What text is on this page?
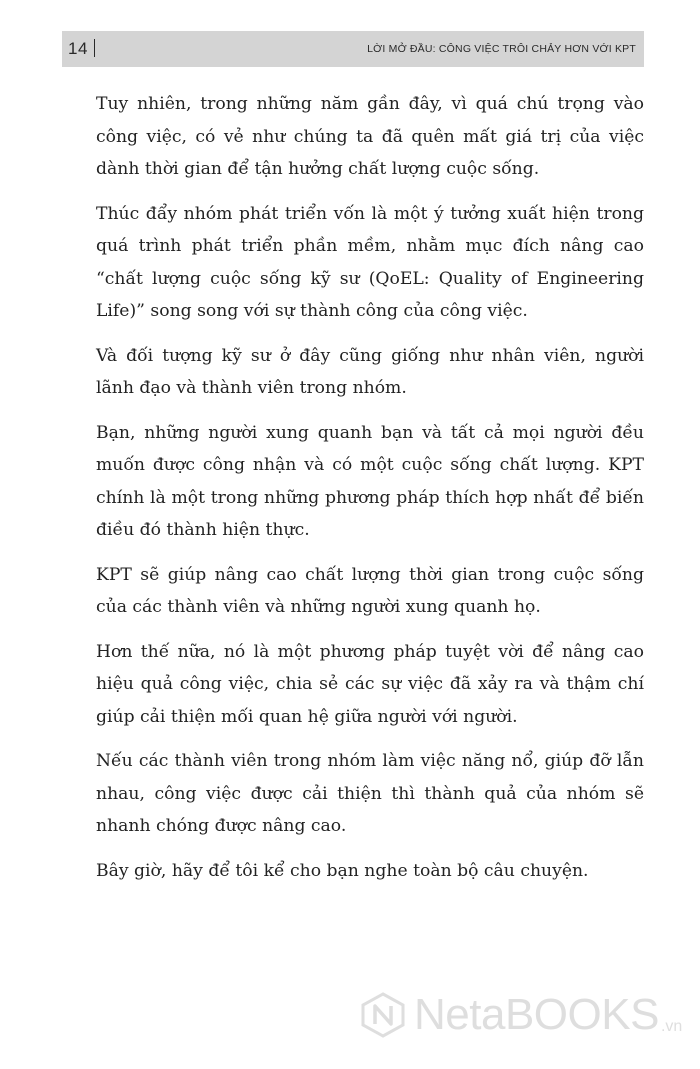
14	LỜI MỞ ĐẦU: CÔNG VIỆC TRÔI CHẢY HƠN VỚI KPT

Tuy nhiên, trong những năm gần đây, vì quá chú trọng vào công việc, có vẻ như chúng ta đã quên mất giá trị của việc dành thời gian để tận hưởng chất lượng cuộc sống.

Thúc đẩy nhóm phát triển vốn là một ý tưởng xuất hiện trong quá trình phát triển phần mềm, nhằm mục đích nâng cao “chất lượng cuộc sống kỹ sư (QoEL: Quality of Engineering Life)” song song với sự thành công của công việc.

Và đối tượng kỹ sư ở đây cũng giống như nhân viên, người lãnh đạo và thành viên trong nhóm.

Bạn, những người xung quanh bạn và tất cả mọi người đều muốn được công nhận và có một cuộc sống chất lượng. KPT chính là một trong những phương pháp thích hợp nhất để biến điều đó thành hiện thực.

KPT sẽ giúp nâng cao chất lượng thời gian trong cuộc sống của các thành viên và những người xung quanh họ.

Hơn thế nữa, nó là một phương pháp tuyệt vời để nâng cao hiệu quả công việc, chia sẻ các sự việc đã xảy ra và thậm chí giúp cải thiện mối quan hệ giữa người với người.

Nếu các thành viên trong nhóm làm việc năng nổ, giúp đỡ lẫn nhau, công việc được cải thiện thì thành quả của nhóm sẽ nhanh chóng được nâng cao.

Bây giờ, hãy để tôi kể cho bạn nghe toàn bộ câu chuyện.

NetaBOOKS .vn
